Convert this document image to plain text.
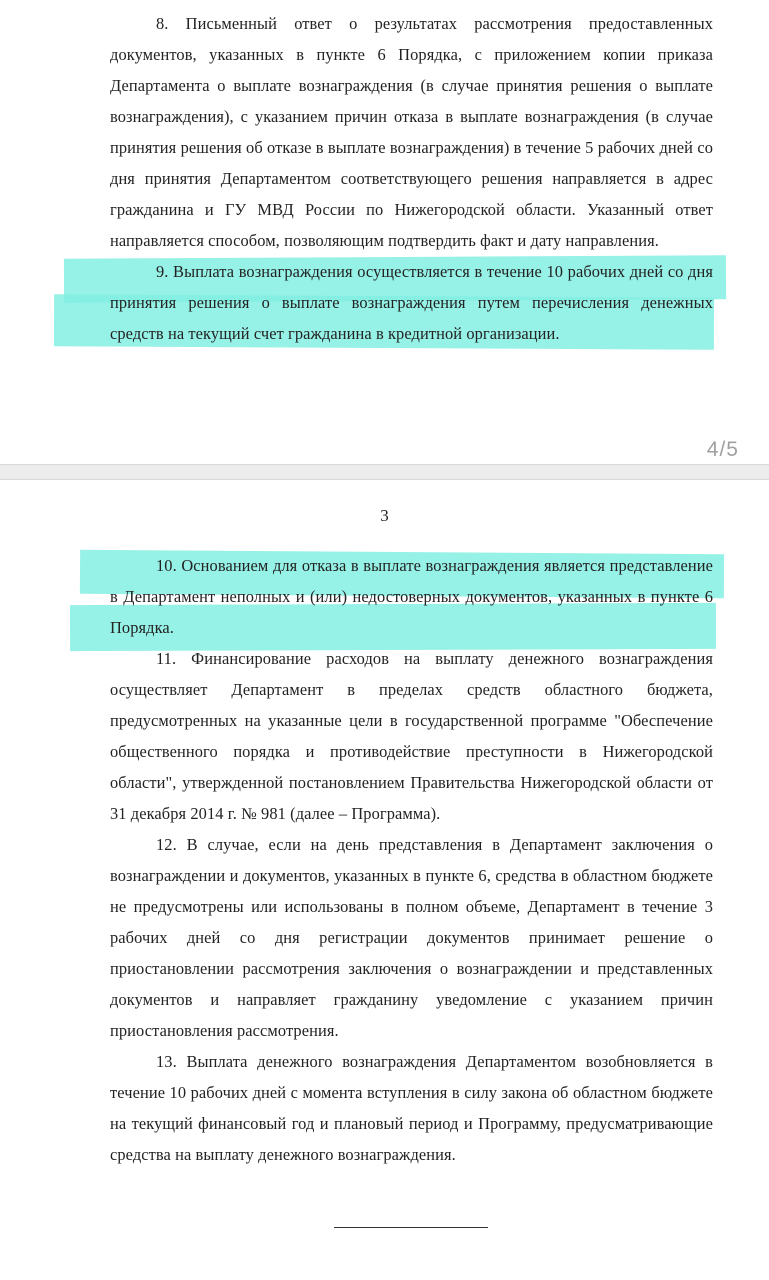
8. Письменный ответ о результатах рассмотрения предоставленных документов, указанных в пункте 6 Порядка, с приложением копии приказа Департамента о выплате вознаграждения (в случае принятия решения о выплате вознаграждения), с указанием причин отказа в выплате вознаграждения (в случае принятия решения об отказе в выплате вознаграждения) в течение 5 рабочих дней со дня принятия Департаментом соответствующего решения направляется в адрес гражданина и ГУ МВД России по Нижегородской области. Указанный ответ направляется способом, позволяющим подтвердить факт и дату направления.

9. Выплата вознаграждения осуществляется в течение 10 рабочих дней со дня принятия решения о выплате вознаграждения путем перечисления денежных средств на текущий счет гражданина в кредитной организации.

4/5
3

10. Основанием для отказа в выплате вознаграждения является представление в Департамент неполных и (или) недостоверных документов, указанных в пункте 6 Порядка.

11. Финансирование расходов на выплату денежного вознаграждения осуществляет Департамент в пределах средств областного бюджета, предусмотренных на указанные цели в государственной программе "Обеспечение общественного порядка и противодействие преступности в Нижегородской области", утвержденной постановлением Правительства Нижегородской области от 31 декабря 2014 г. № 981 (далее – Программа).

12. В случае, если на день представления в Департамент заключения о вознаграждении и документов, указанных в пункте 6, средства в областном бюджете не предусмотрены или использованы в полном объеме, Департамент в течение 3 рабочих дней со дня регистрации документов принимает решение о приостановлении рассмотрения заключения о вознаграждении и представленных документов и направляет гражданину уведомление с указанием причин приостановления рассмотрения.

13. Выплата денежного вознаграждения Департаментом возобновляется в течение 10 рабочих дней с момента вступления в силу закона об областном бюджете на текущий финансовый год и плановый период и Программу, предусматривающие средства на выплату денежного вознаграждения.
